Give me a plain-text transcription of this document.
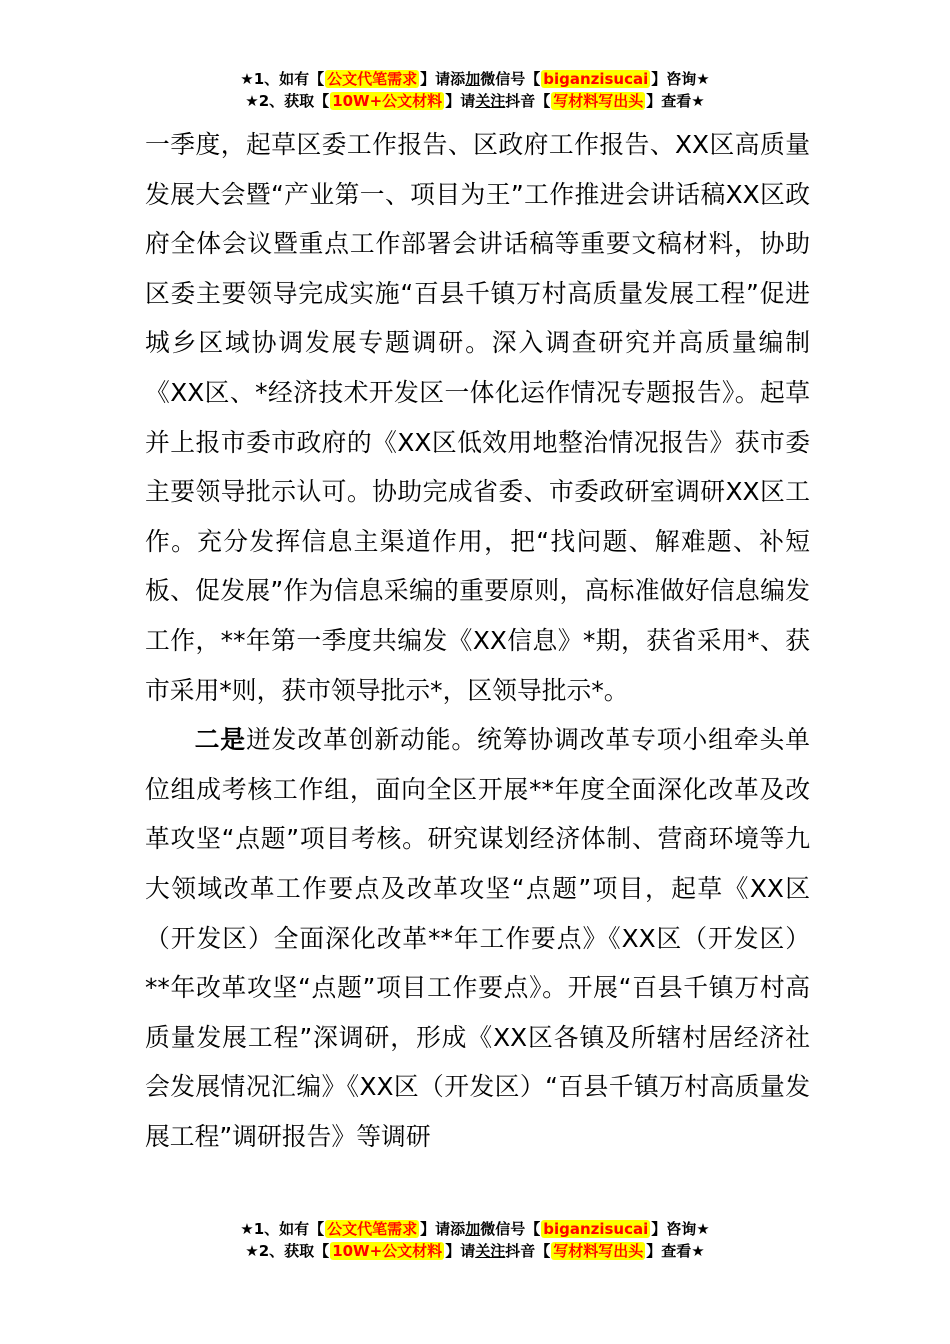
★1、如有【 公文代笔需求 】请添加微信号【 biganzisucai 】咨询★
★2、获取【 10W+公文材料 】请关注抖音【 写材料写出头 】查看★

一季度，起草区委工作报告、区政府工作报告、XX区高质量发展大会暨“产业第一、项目为王”工作推进会讲话稿XX区政府全体会议暨重点工作部署会讲话稿等重要文稿材料，协助区委主要领导完成实施“百县千镇万村高质量发展工程”促进城乡区域协调发展专题调研。深入调查研究并高质量编制《XX区、*经济技术开发区一体化运作情况专题报告》。起草并上报市委市政府的《XX区低效用地整治情况报告》获市委主要领导批示认可。协助完成省委、市委政研室调研XX区工作。充分发挥信息主渠道作用，把“找问题、解难题、补短板、促发展”作为信息采编的重要原则，高标准做好信息编发工作，**年第一季度共编发《XX信息》*期，获省采用*、获市采用*则，获市领导批示*，区领导批示*。

二是迸发改革创新动能。统筹协调改革专项小组牵头单位组成考核工作组，面向全区开展**年度全面深化改革及改革攻坚“点题”项目考核。研究谋划经济体制、营商环境等九大领域改革工作要点及改革攻坚“点题”项目，起草《XX区（开发区）全面深化改革**年工作要点》《XX区（开发区）**年改革攻坚“点题”项目工作要点》。开展“百县千镇万村高质量发展工程”深调研，形成《XX区各镇及所辖村居经济社会发展情况汇编》《XX区（开发区）“百县千镇万村高质量发展工程”调研报告》等调研

★1、如有【 公文代笔需求 】请添加微信号【 biganzisucai 】咨询★
★2、获取【 10W+公文材料 】请关注抖音【 写材料写出头 】查看★
